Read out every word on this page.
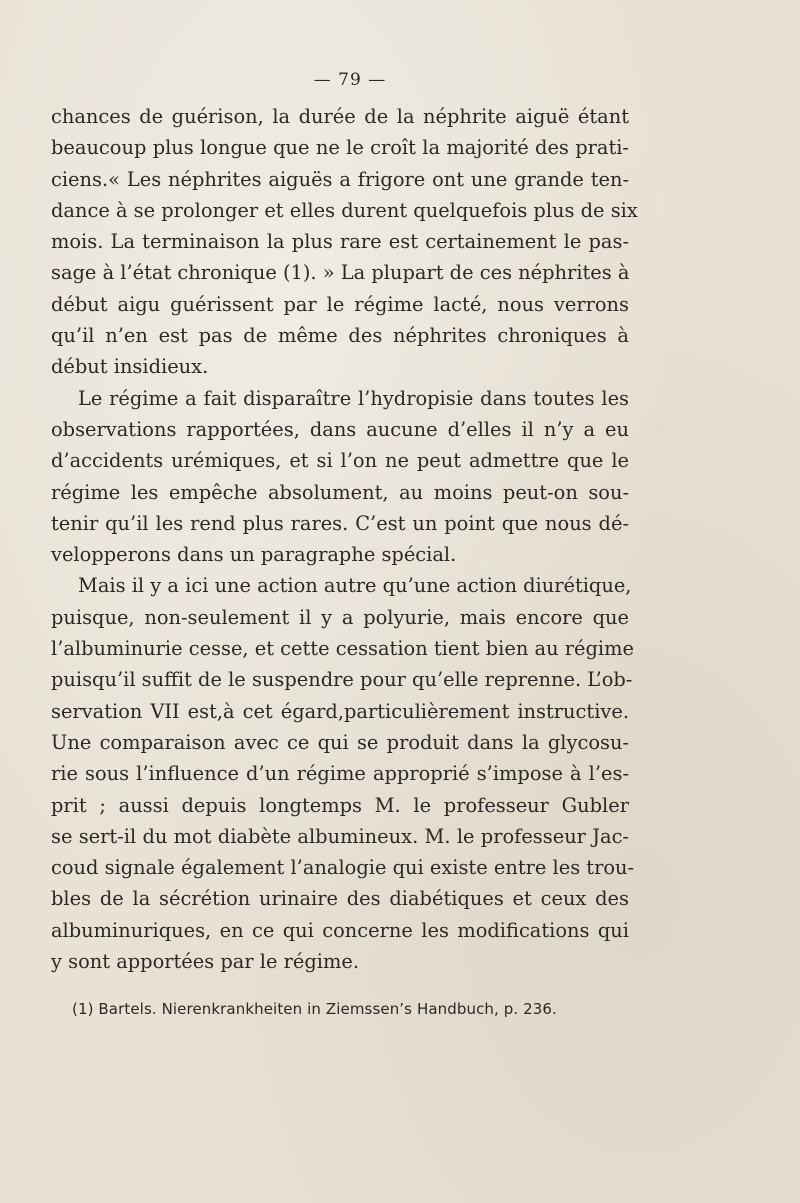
— 79 —
chances de guérison, la durée de la néphrite aiguë étant
beaucoup plus longue que ne le croît la majorité des prati-
ciens.« Les néphrites aiguës a frigore ont une grande ten-
dance à se prolonger et elles durent quelquefois plus de six
mois. La terminaison la plus rare est certainement le pas-
sage à l’état chronique (1). » La plupart de ces néphrites à
début aigu guérissent par le régime lacté, nous verrons
qu’il n’en est pas de même des néphrites chroniques à
début insidieux.
Le régime a fait disparaître l’hydropisie dans toutes les
observations rapportées, dans aucune d’elles il n’y a eu
d’accidents urémiques, et si l’on ne peut admettre que le
régime les empêche absolument, au moins peut-on sou-
tenir qu’il les rend plus rares. C’est un point que nous dé-
velopperons dans un paragraphe spécial.
Mais il y a ici une action autre qu’une action diurétique,
puisque, non-seulement il y a polyurie, mais encore que
l’albuminurie cesse, et cette cessation tient bien au régime
puisqu’il suffit de le suspendre pour qu’elle reprenne. L’ob-
servation VII est,à cet égard,particulièrement instructive.
Une comparaison avec ce qui se produit dans la glycosu-
rie sous l’influence d’un régime approprié s’impose à l’es-
prit ; aussi depuis longtemps M. le professeur Gubler
se sert-il du mot diabète albumineux. M. le professeur Jac-
coud signale également l’analogie qui existe entre les trou-
bles de la sécrétion urinaire des diabétiques et ceux des
albuminuriques, en ce qui concerne les modifications qui
y sont apportées par le régime.
(1) Bartels. Nierenkrankheiten in Ziemssen’s Handbuch, p. 236.
